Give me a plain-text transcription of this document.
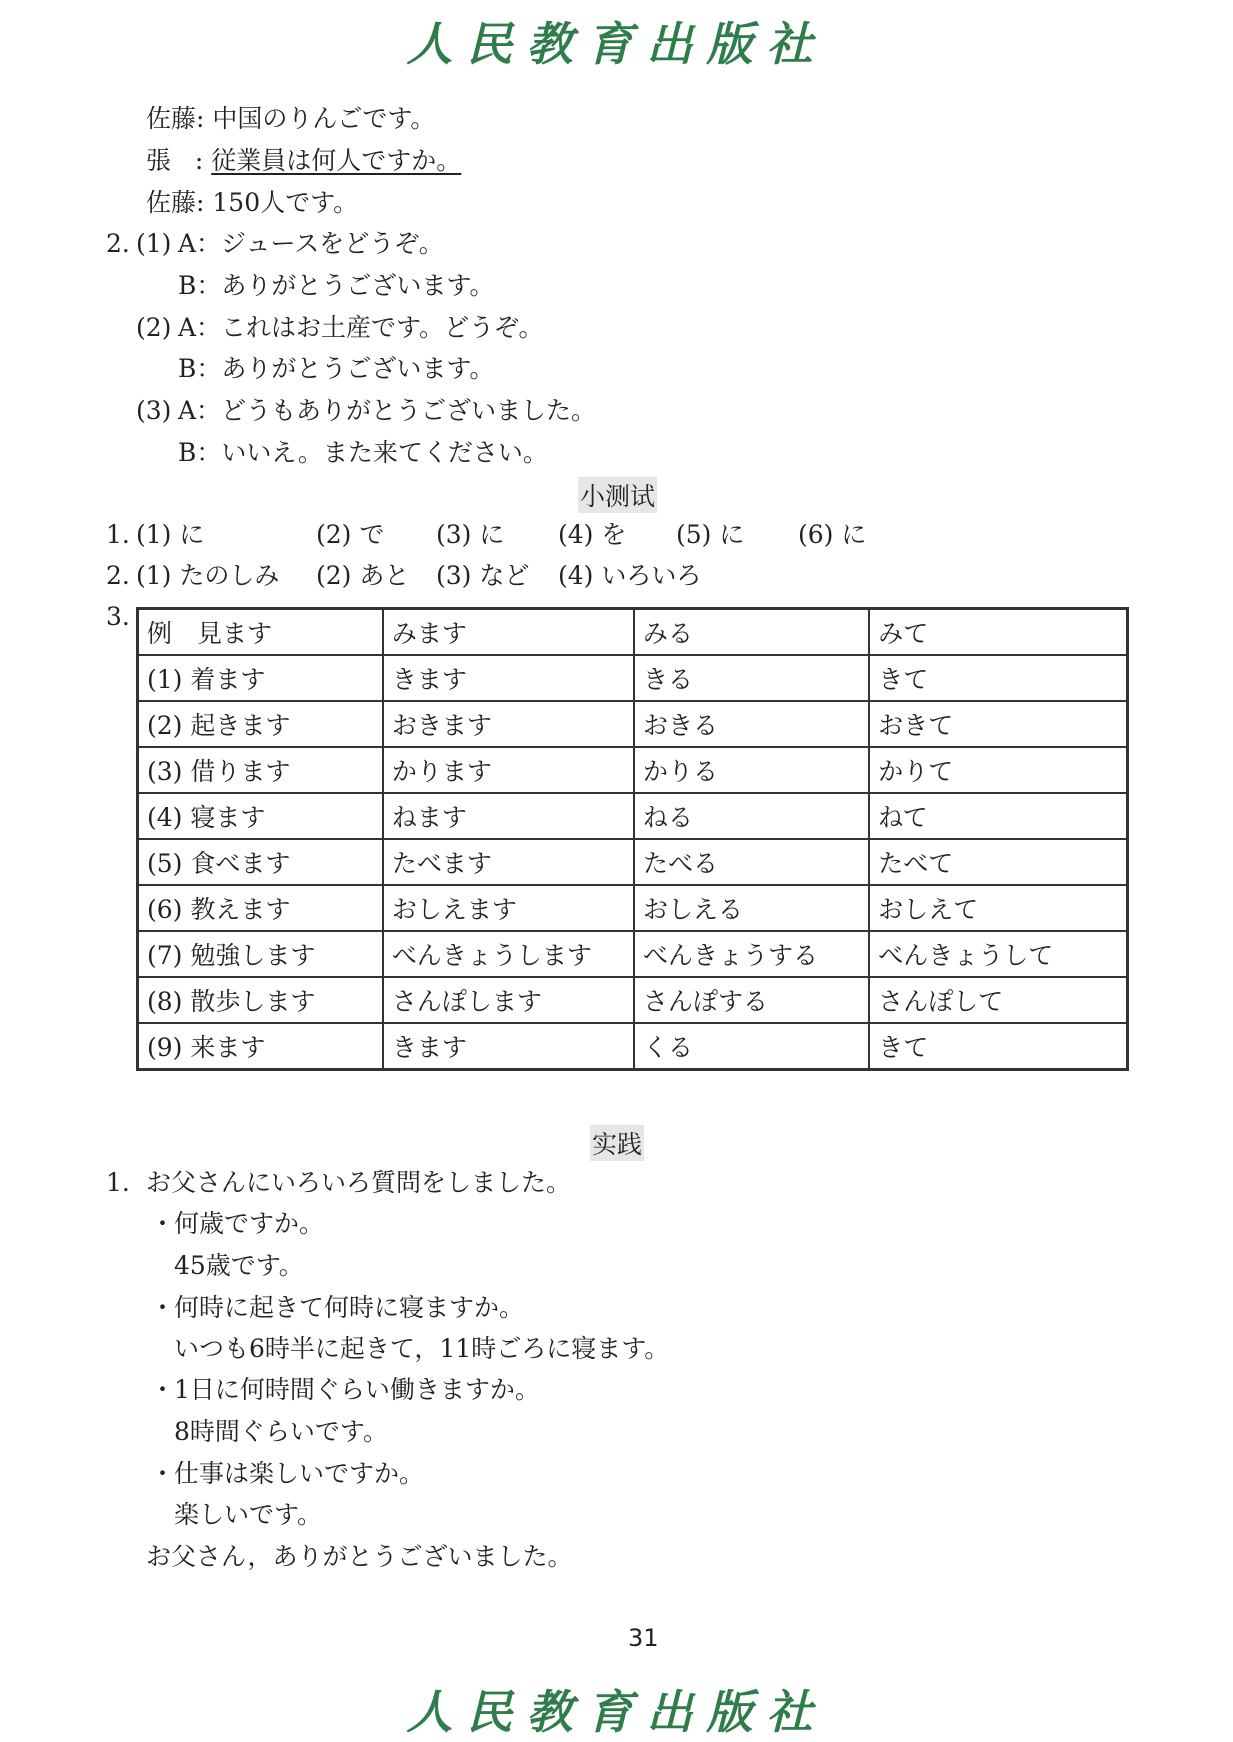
人民教育出版社
佐藤: 中国のりんごです。
張   : 従業員は何人ですか。
佐藤: 150人です。
2. (1) A：ジュースをどうぞ。
B：ありがとうございます。
(2) A：これはお土産です。どうぞ。
B：ありがとうございます。
(3) A：どうもありがとうございました。
B：いいえ。また来てください。
小测试
1. (1) に	(2) で (3) に (4) を (5) に (6) に
2. (1) たのしみ (2) あと (3) など (4) いろいろ
3.
例　見ます	みます	みる	みて
(1) 着ます	きます	きる	きて
(2) 起きます	おきます	おきる	おきて
(3) 借ります	かります	かりる	かりて
(4) 寝ます	ねます	ねる	ねて
(5) 食べます	たべます	たべる	たべて
(6) 教えます	おしえます	おしえる	おしえて
(7) 勉強します	べんきょうします	べんきょうする	べんきょうして
(8) 散歩します	さんぽします	さんぽする	さんぽして
(9) 来ます	きます	くる	きて
实践
1. お父さんにいろいろ質問をしました。
・
何歳ですか。
45歳です。
・
何時に起きて何時に寝ますか。
いつも6時半に起きて，11時ごろに寝ます。
・
1日に何時間ぐらい働きますか。
8時間ぐらいです。
・
仕事は楽しいですか。
楽しいです。
お父さん，ありがとうございました。
31
人民教育出版社
